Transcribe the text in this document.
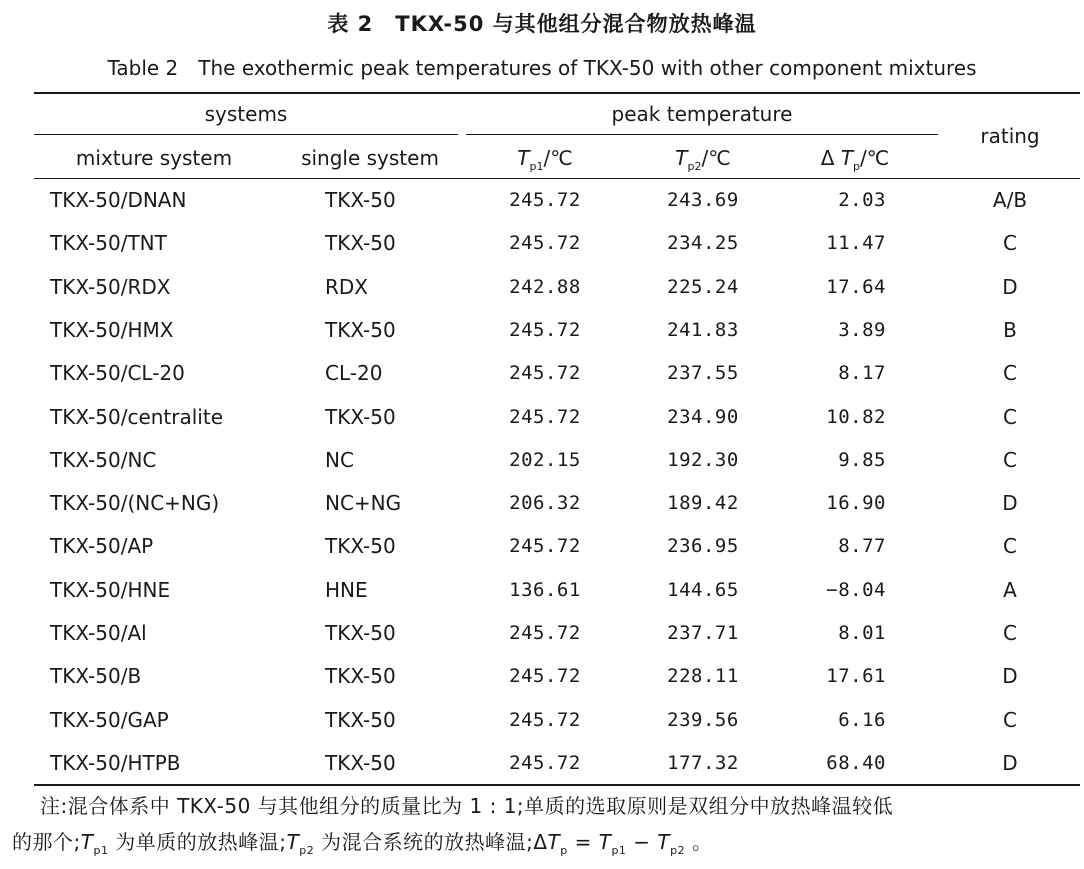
表 2　TKX-50 与其他组分混合物放热峰温
Table 2　The exothermic peak temperatures of TKX-50 with other component mixtures
systems	peak temperature
rating
mixture system	single system	$T_{p1}/℃$	$T_{p2}/℃$	Δ $T_p/℃$
TKX-50/DNAN	TKX-50	245.72	243.69	2.03	A/B
TKX-50/TNT	TKX-50	245.72	234.25	11.47	C
TKX-50/RDX	RDX	242.88	225.24	17.64	D
TKX-50/HMX	TKX-50	245.72	241.83	3.89	B
TKX-50/CL-20	CL-20	245.72	237.55	8.17	C
TKX-50/centralite	TKX-50	245.72	234.90	10.82	C
TKX-50/NC	NC	202.15	192.30	9.85	C
TKX-50/(NC+NG)	NC+NG	206.32	189.42	16.90	D
TKX-50/AP	TKX-50	245.72	236.95	8.77	C
TKX-50/HNE	HNE	136.61	144.65	−8.04	A
TKX-50/Al	TKX-50	245.72	237.71	8.01	C
TKX-50/B	TKX-50	245.72	228.11	17.61	D
TKX-50/GAP	TKX-50	245.72	239.56	6.16	C
TKX-50/HTPB	TKX-50	245.72	177.32	68.40	D
注:混合体系中 TKX-50 与其他组分的质量比为 1 : 1;单质的选取原则是双组分中放热峰温较低
的那个$;T_{p1}$ 为单质的放热峰温$;T_{p2}$ 为混合系统的放热峰温$;\Delta T_p = T_{p1} - T_{p2}$ 。
